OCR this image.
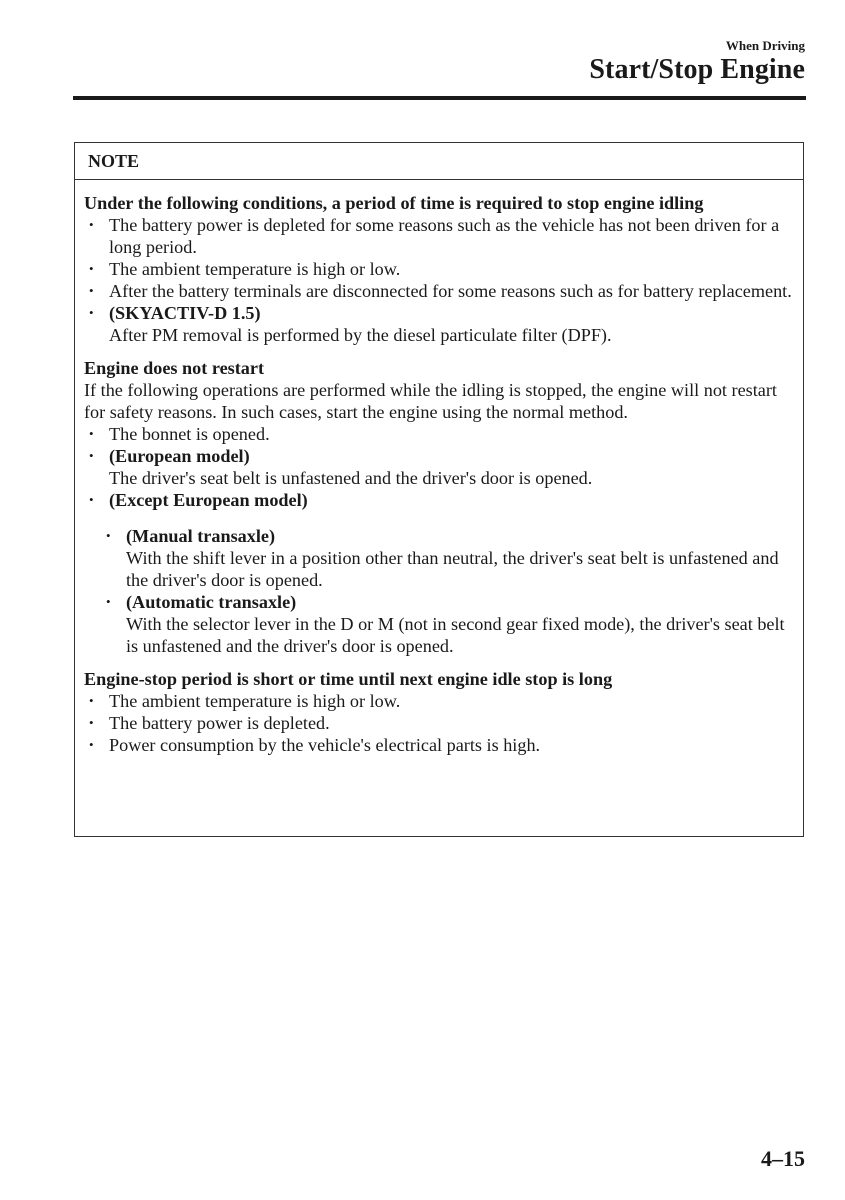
When Driving
Start/Stop Engine
NOTE

Under the following conditions, a period of time is required to stop engine idling

• The battery power is depleted for some reasons such as the vehicle has not been driven for a long period.
• The ambient temperature is high or low.
• After the battery terminals are disconnected for some reasons such as for battery replacement.
• (SKYACTIV-D 1.5)
After PM removal is performed by the diesel particulate filter (DPF).

Engine does not restart

If the following operations are performed while the idling is stopped, the engine will not restart for safety reasons. In such cases, start the engine using the normal method.

• The bonnet is opened.
• (European model)
The driver's seat belt is unfastened and the driver's door is opened.
• (Except European model)
• (Manual transaxle)
With the shift lever in a position other than neutral, the driver's seat belt is unfastened and the driver's door is opened.
• (Automatic transaxle)
With the selector lever in the D or M (not in second gear fixed mode), the driver's seat belt is unfastened and the driver's door is opened.

Engine-stop period is short or time until next engine idle stop is long

• The ambient temperature is high or low.
• The battery power is depleted.
• Power consumption by the vehicle's electrical parts is high.
4–15
